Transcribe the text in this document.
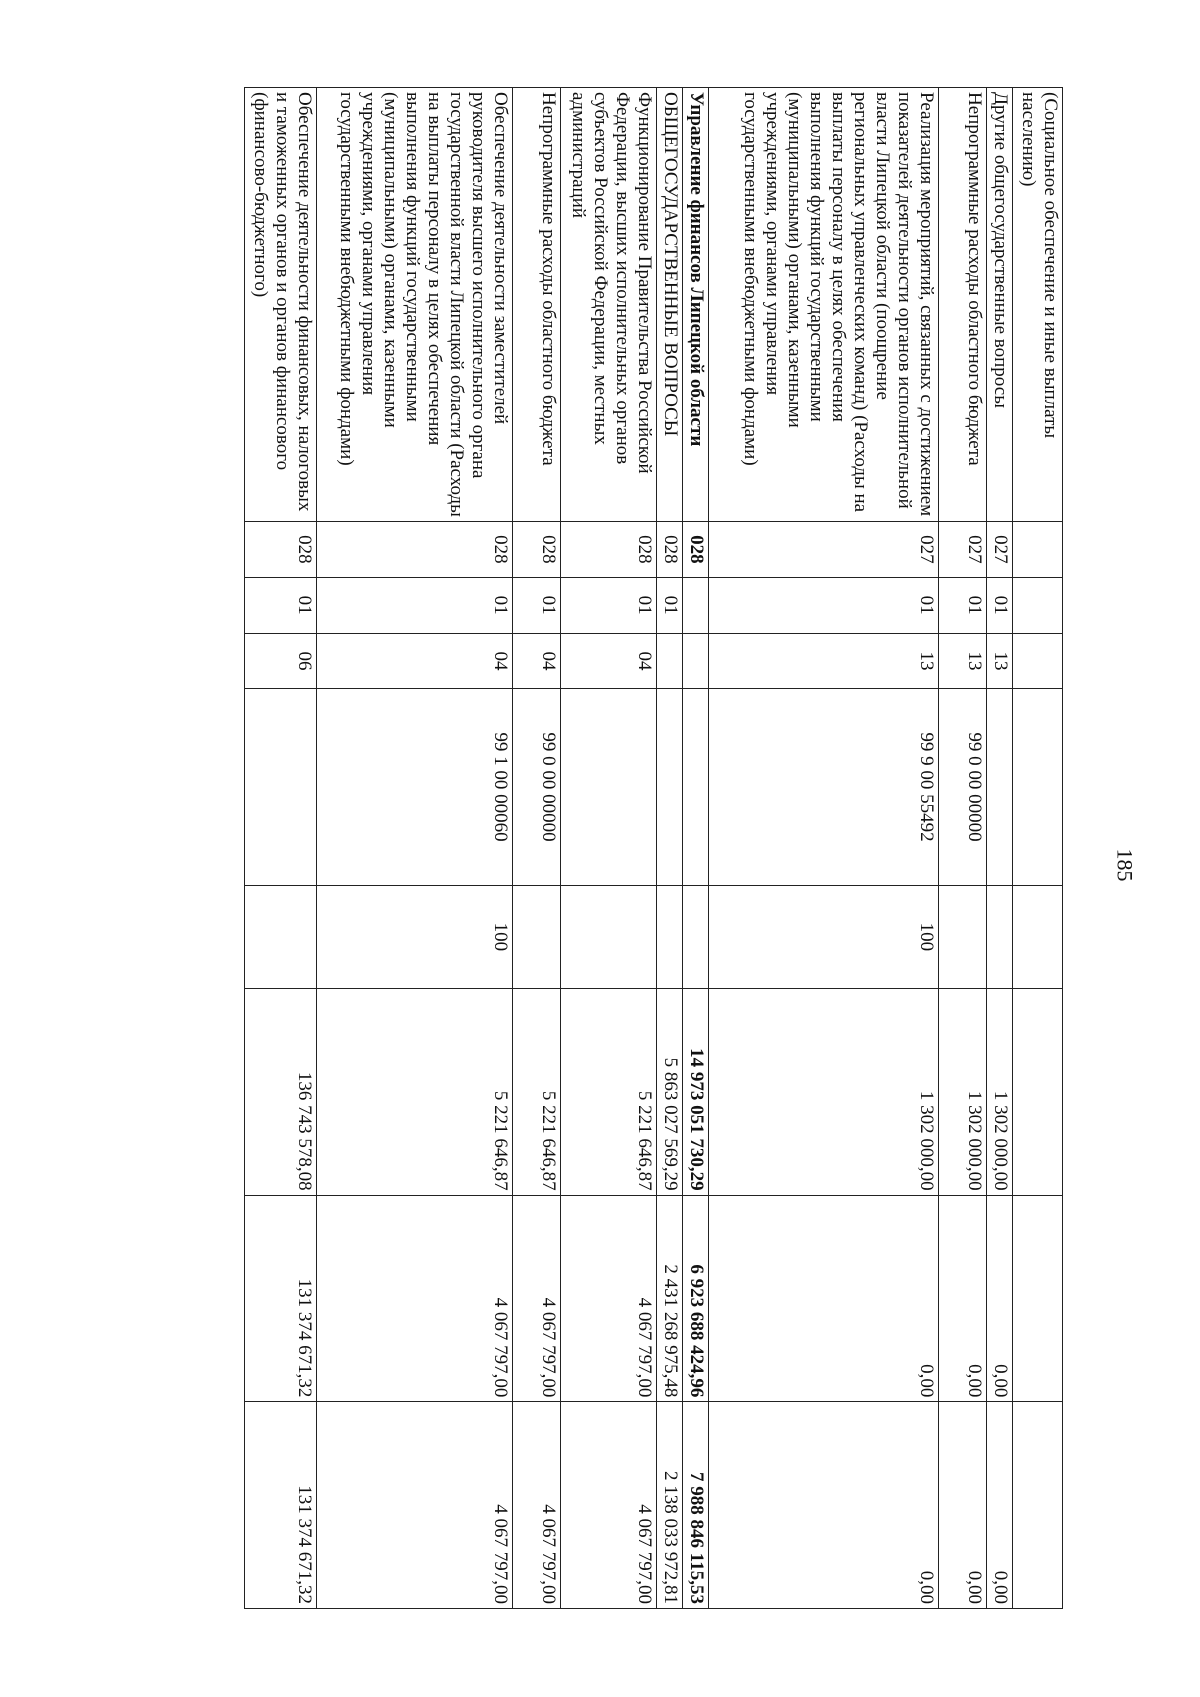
185
(Социальное обеспечение и иные выплаты населению)								
Другие общегосударственные вопросы	027	01	13			1 302 000,00	0,00	0,00
Непрограммные расходы областного бюджета	027	01	13	99 0 00 00000		1 302 000,00	0,00	0,00
Реализация мероприятий, связанных с достижением показателей деятельности органов исполнительной власти Липецкой области (поощрение региональных управленческих команд) (Расходы на выплаты персоналу в целях обеспечения выполнения функций государственными (муниципальными) органами, казенными учреждениями, органами управления государственными внебюджетными фондами)	027	01	13	99 9 00 55492	100	1 302 000,00	0,00	0,00
Управление финансов Липецкой области	028					14 973 051 730,29	6 923 688 424,96	7 988 846 115,53
ОБЩЕГОСУДАРСТВЕННЫЕ ВОПРОСЫ	028	01				5 863 027 569,29	2 431 268 975,48	2 138 033 972,81
Функционирование Правительства Российской Федерации, высших исполнительных органов субъектов Российской Федерации, местных администраций	028	01	04			5 221 646,87	4 067 797,00	4 067 797,00
Непрограммные расходы областного бюджета	028	01	04	99 0 00 00000		5 221 646,87	4 067 797,00	4 067 797,00
Обеспечение деятельности заместителей руководителя высшего исполнительного органа государственной власти Липецкой области (Расходы на выплаты персоналу в целях обеспечения выполнения функций государственными (муниципальными) органами, казенными учреждениями, органами управления государственными внебюджетными фондами)	028	01	04	99 1 00 00060	100	5 221 646,87	4 067 797,00	4 067 797,00
Обеспечение деятельности финансовых, налоговых и таможенных органов и органов финансового (финансово-бюджетного)	028	01	06			136 743 578,08	131 374 671,32	131 374 671,32
